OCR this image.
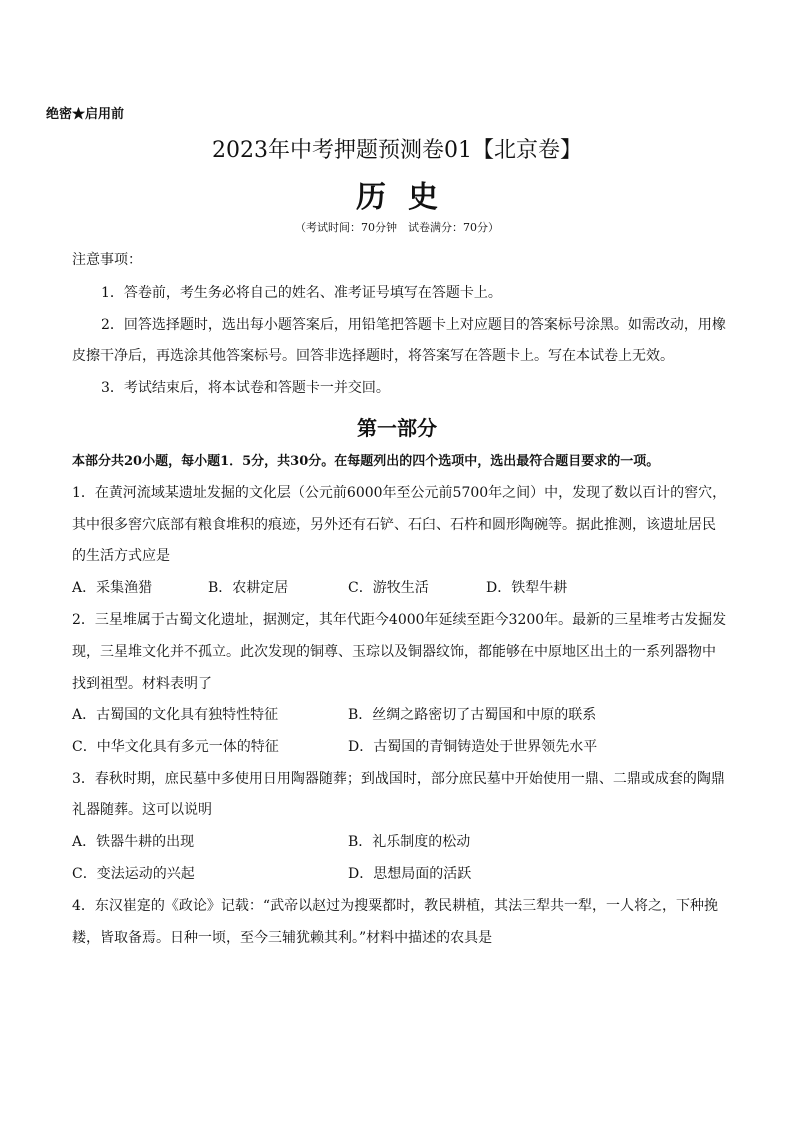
绝密★启用前
2023年中考押题预测卷01【北京卷】
历史
（考试时间：70分钟　试卷满分：70分）
注意事项：
1．答卷前，考生务必将自己的姓名、准考证号填写在答题卡上。
2．回答选择题时，选出每小题答案后，用铅笔把答题卡上对应题目的答案标号涂黑。如需改动，用橡
皮擦干净后，再选涂其他答案标号。回答非选择题时，将答案写在答题卡上。写在本试卷上无效。
3．考试结束后，将本试卷和答题卡一并交回。
第一部分
本部分共20小题，每小题1．5分，共30分。在每题列出的四个选项中，选出最符合题目要求的一项。
1．在黄河流域某遗址发掘的文化层（公元前6000年至公元前5700年之间）中，发现了数以百计的窖穴，
其中很多窖穴底部有粮食堆积的痕迹，另外还有石铲、石臼、石杵和圆形陶碗等。据此推测，该遗址居民
的生活方式应是
A．采集渔猎	B．农耕定居	C．游牧生活	D．铁犁牛耕
2．三星堆属于古蜀文化遗址，据测定，其年代距今4000年延续至距今3200年。最新的三星堆考古发掘发
现，三星堆文化并不孤立。此次发现的铜尊、玉琮以及铜器纹饰，都能够在中原地区出土的一系列器物中
找到祖型。材料表明了
A．古蜀国的文化具有独特性特征	B．丝绸之路密切了古蜀国和中原的联系
C．中华文化具有多元一体的特征	D．古蜀国的青铜铸造处于世界领先水平
3．春秋时期，庶民墓中多使用日用陶器随葬；到战国时，部分庶民墓中开始使用一鼎、二鼎或成套的陶鼎
礼器随葬。这可以说明
A．铁器牛耕的出现	B．礼乐制度的松动
C．变法运动的兴起	D．思想局面的活跃
4．东汉崔寔的《政论》记载：“武帝以赵过为搜粟都时，教民耕植，其法三犁共一犁，一人将之，下种挽
耧，皆取备焉。日种一顷，至今三辅犹赖其利。”材料中描述的农具是
